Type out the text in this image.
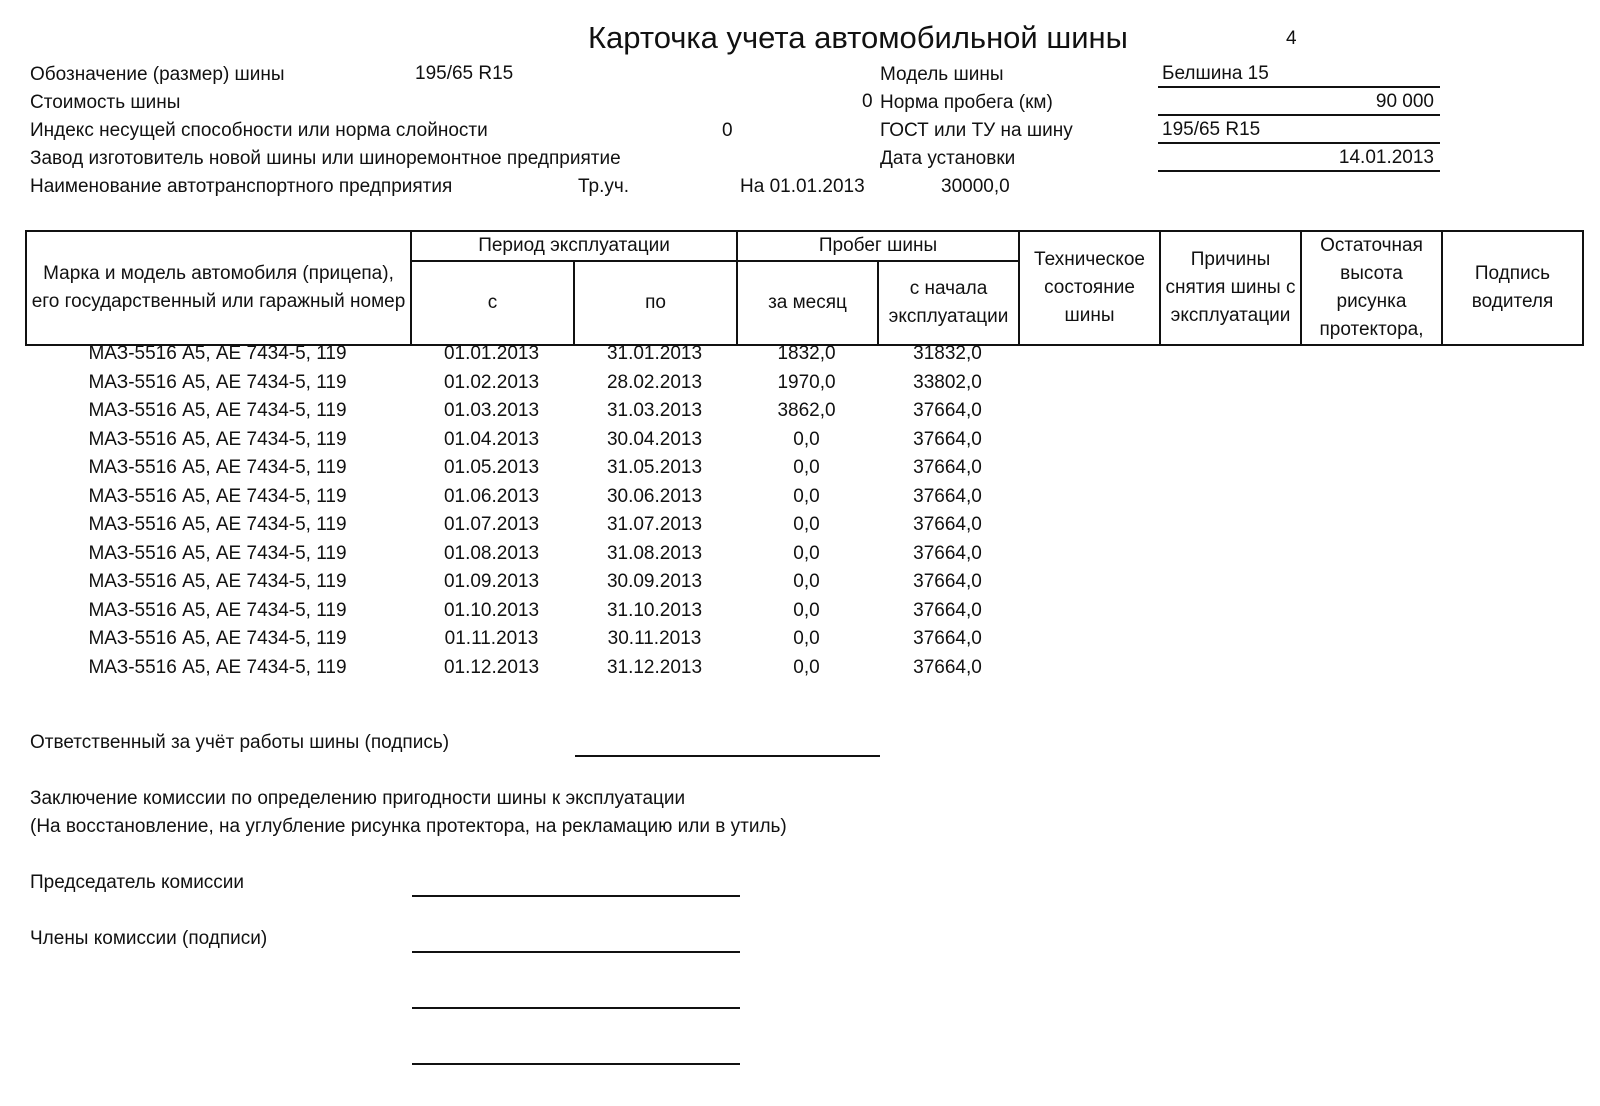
Карточка учета автомобильной шины	4
Обозначение (размер) шины	195/65 R15
Стоимость шины	0
Индекс несущей способности или норма слойности	0
Завод изготовитель новой шины или шиноремонтное предприятие
Наименование автотранспортного предприятия	Тр.уч.	На 01.01.2013	30000,0
Модель шины	Белшина 15
Норма пробега (км)	90 000
ГОСТ или ТУ на шину	195/65 R15
Дата установки	14.01.2013
Марка и модель автомобиля (прицепа), его государственный или гаражный номер	Период эксплуатации		Пробег шины		Техническое состояние шины	Причины снятия шины с эксплуатации	Остаточная высота рисунка протектора,	Подпись водителя
	с	по	за месяц	с начала эксплуатации				
МАЗ-5516 А5, АЕ 7434-5, 119	01.01.2013	31.01.2013	1832,0	31832,0
МАЗ-5516 А5, АЕ 7434-5, 119	01.02.2013	28.02.2013	1970,0	33802,0
МАЗ-5516 А5, АЕ 7434-5, 119	01.03.2013	31.03.2013	3862,0	37664,0
МАЗ-5516 А5, АЕ 7434-5, 119	01.04.2013	30.04.2013	0,0	37664,0
МАЗ-5516 А5, АЕ 7434-5, 119	01.05.2013	31.05.2013	0,0	37664,0
МАЗ-5516 А5, АЕ 7434-5, 119	01.06.2013	30.06.2013	0,0	37664,0
МАЗ-5516 А5, АЕ 7434-5, 119	01.07.2013	31.07.2013	0,0	37664,0
МАЗ-5516 А5, АЕ 7434-5, 119	01.08.2013	31.08.2013	0,0	37664,0
МАЗ-5516 А5, АЕ 7434-5, 119	01.09.2013	30.09.2013	0,0	37664,0
МАЗ-5516 А5, АЕ 7434-5, 119	01.10.2013	31.10.2013	0,0	37664,0
МАЗ-5516 А5, АЕ 7434-5, 119	01.11.2013	30.11.2013	0,0	37664,0
МАЗ-5516 А5, АЕ 7434-5, 119	01.12.2013	31.12.2013	0,0	37664,0
Ответственный за учёт работы шины (подпись)
Заключение комиссии по определению пригодности шины к эксплуатации
(На восстановление, на углубление рисунка протектора, на рекламацию или в утиль)
Председатель комиссии
Члены комиссии (подписи)
